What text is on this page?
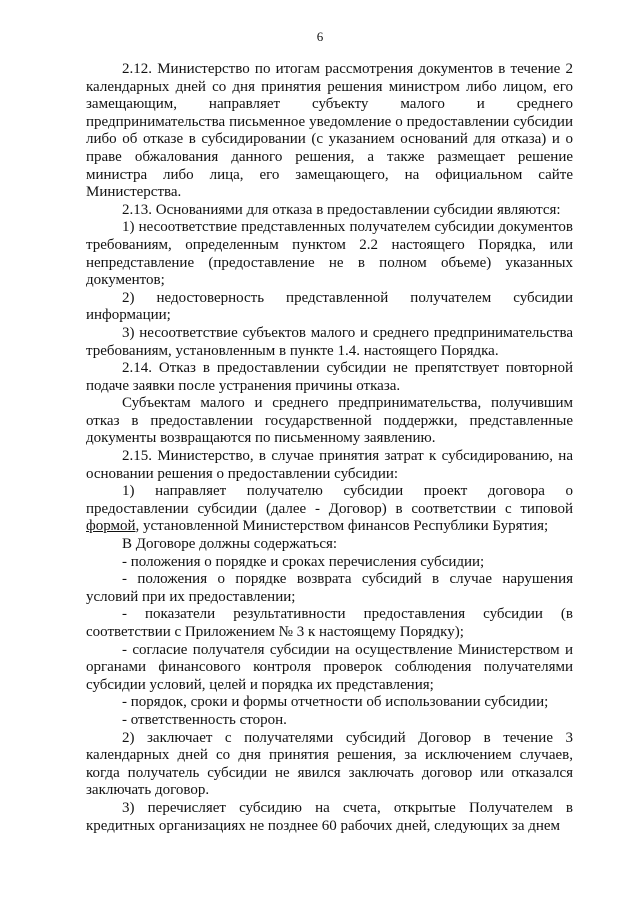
6

2.12. Министерство по итогам рассмотрения документов в течение 2 календарных дней со дня принятия решения министром либо лицом, его замещающим, направляет субъекту малого и среднего предпринимательства письменное уведомление о предоставлении субсидии либо об отказе в субсидировании (с указанием оснований для отказа) и о праве обжалования данного решения, а также размещает решение министра либо лица, его замещающего, на официальном сайте Министерства.

2.13. Основаниями для отказа в предоставлении субсидии являются:

1) несоответствие представленных получателем субсидии документов требованиям, определенным пунктом 2.2 настоящего Порядка, или непредставление (предоставление не в полном объеме) указанных документов;

2) недостоверность представленной получателем субсидии информации;

3) несоответствие субъектов малого и среднего предпринимательства требованиям, установленным в пункте 1.4. настоящего Порядка.

2.14. Отказ в предоставлении субсидии не препятствует повторной подаче заявки после устранения причины отказа.

Субъектам малого и среднего предпринимательства, получившим отказ в предоставлении государственной поддержки, представленные документы возвращаются по письменному заявлению.

2.15. Министерство, в случае принятия затрат к субсидированию, на основании решения о предоставлении субсидии:

1) направляет получателю субсидии проект договора о предоставлении субсидии (далее - Договор) в соответствии с типовой формой, установленной Министерством финансов Республики Бурятия;

В Договоре должны содержаться:

- положения о порядке и сроках перечисления субсидии;

- положения о порядке возврата субсидий в случае нарушения условий при их предоставлении;

- показатели результативности предоставления субсидии (в соответствии с Приложением № 3 к настоящему Порядку);

- согласие получателя субсидии на осуществление Министерством и органами финансового контроля проверок соблюдения получателями субсидии условий, целей и порядка их представления;

- порядок, сроки и формы отчетности об использовании субсидии;

- ответственность сторон.

2) заключает с получателями субсидий Договор в течение 3 календарных дней со дня принятия решения, за исключением случаев, когда получатель субсидии не явился заключать договор или отказался заключать договор.

3) перечисляет субсидию на счета, открытые Получателем в кредитных организациях не позднее 60 рабочих дней, следующих за днем
